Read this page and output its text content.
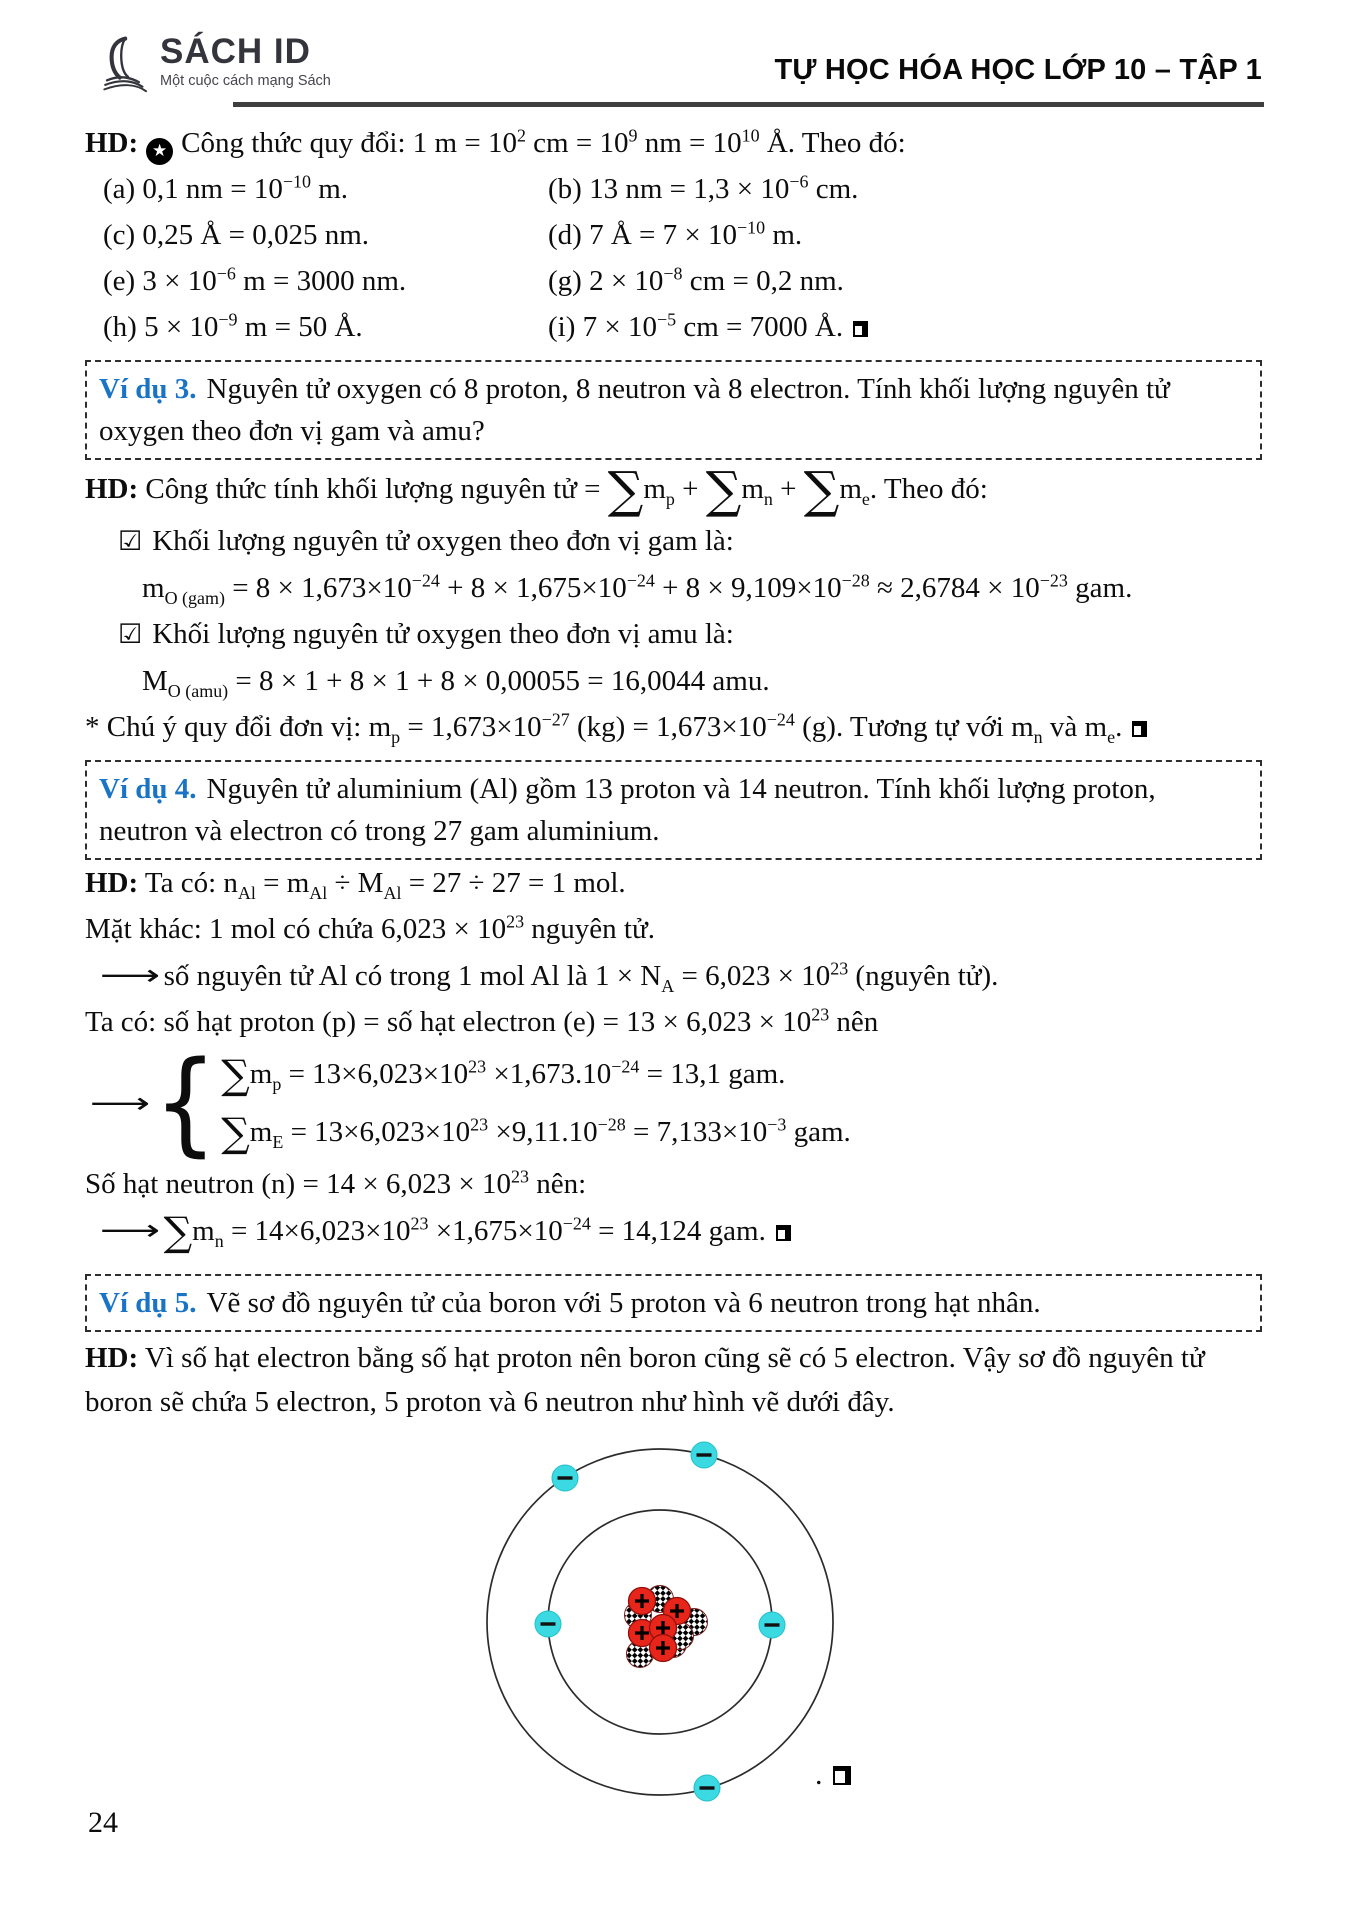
SÁCH ID
Một cuộc cách mạng Sách	TỰ HỌC HÓA HỌC LỚP 10 – TẬP 1

HD: ★ Công thức quy đổi: 1 $m = 10^2$ cm = $10^9$ nm = $10^{10}$ Å. Theo đó:

(a) 0,1 nm = $10^{-10}$ m.	(b) 13 nm = $1,3 \times 10^{-6}$ cm.
(c) 0,25 Å = 0,025 nm.	(d) 7 Å = $7 \times 10^{-10}$ m.
(e) $3 \times 10^{-6}$ m = 3000 nm.	(g) $2 \times 10^{-8}$ cm = 0,2 nm.
(h) $5 \times 10^{-9}$ m = 50 Å.	(i) $7 \times 10^{-5}$ cm = 7000 Å.
Ví dụ 3. Nguyên tử oxygen có 8 proton, 8 neutron và 8 electron. Tính khối lượng nguyên tử oxygen theo đơn vị gam và amu?

HD: Công thức tính khối lượng nguyên tử = $\sum m_p + \sum m_n + \sum m_e$. Theo đó:

☑ Khối lượng nguyên tử oxygen theo đơn vị gam là:

$m_{O (gam)} = 8 \times 1,673\times 10^{-24} + 8 \times 1,675\times 10^{-24} + 8 \times 9,109\times 10^{-28} \approx 2,6784 \times 10^{-23}$ gam.

☑ Khối lượng nguyên tử oxygen theo đơn vị amu là:

$M_{O (amu)} = 8 \times 1 + 8 \times 1 + 8 \times 0,00055 = 16,0044$ amu.

* Chú ý quy đổi đơn vị: $m_p = 1,673\times 10^{-27}$ $(kg) = 1,673\times 10^{-24}$ (g). Tương tự với $m_n$ và $m_e$.

Ví dụ 4. Nguyên tử aluminium (Al) gồm 13 proton và 14 neutron. Tính khối lượng proton, neutron và electron có trong 27 gam aluminium.

HD: Ta có: $n_{Al} = m_{Al} \div M_{Al} = 27 \div 27 = 1$ mol.

Mặt khác: 1 mol có chứa $6,023 \times 10^{23}$ nguyên tử.

⟶ số nguyên tử Al có trong 1 mol Al là $1 \times N_A = 6,023 \times 10^{23}$ (nguyên tử).

Ta có: số hạt proton (p) = số hạt electron $(e) = 13 \times 6,023 \times 10^{23}$ nên

⟶ { $\sum m_p = 13\times 6,023\times 10^{23} \times 1,673.10^{-24} = 13,1$ gam.

$\sum m_E = 13\times 6,023\times 10^{23} \times 9,11.10^{-28} = 7,133\times 10^{-3}$ gam.

Số hạt neutron $(n) = 14 \times 6,023 \times 10^{23}$ nên:

$⟶\sum m_n = 14\times 6,023\times 10^{23} \times 1,675\times 10^{-24} = 14,124$ gam.

Ví dụ 5. Vẽ sơ đồ nguyên tử của boron với 5 proton và 6 neutron trong hạt nhân.

HD: Vì số hạt electron bằng số hạt proton nên boron cũng sẽ có 5 electron. Vậy sơ đồ nguyên tử boron sẽ chứa 5 electron, 5 proton và 6 neutron như hình vẽ dưới đây.

.
24
